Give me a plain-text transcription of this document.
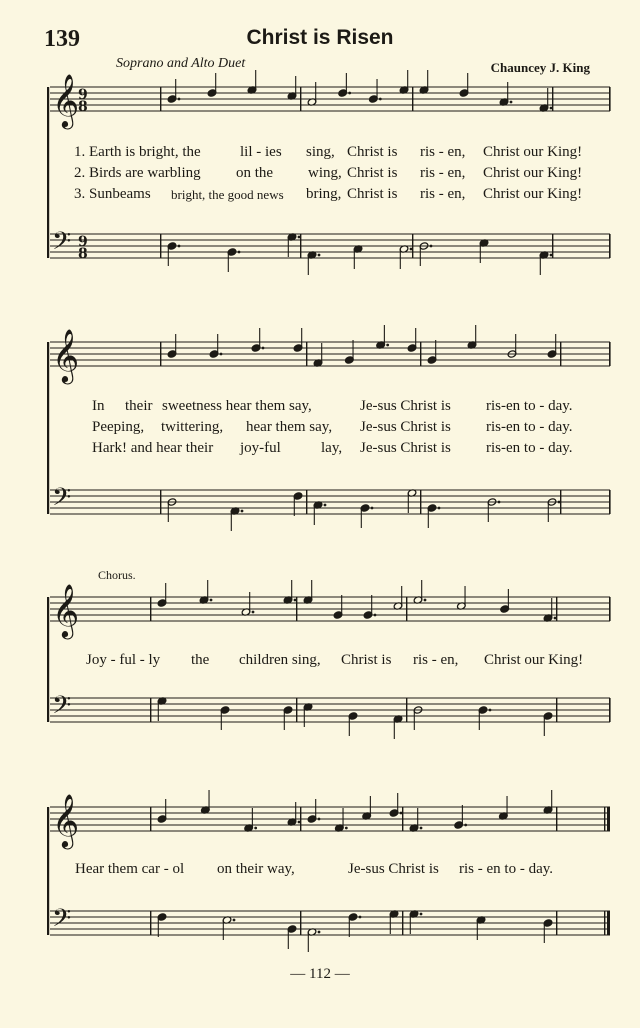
139	Christ is Risen
Soprano and Alto Duet	Chauncey J. King
𝄞
𝄢
9
8
9
8
𝄞
𝄢
𝄞
𝄢
𝄞
𝄢
1. Earth is bright, the	lil - ies sing, Christ is ris - en, Christ our King!
2. Birds are warbling on the wing, Christ is ris - en, Christ our King!
3. Sunbeams bright, the good news bring, Christ is ris - en, Christ our King!
In their sweetness hear them say,	Je-sus Christ is ris-en to - day.
Peeping, twittering, hear them say, Je-sus Christ is ris-en to - day.
Hark! and hear their joy-ful	lay, Je-sus Christ is ris-en to - day.
Chorus.
Joy - ful - ly the children sing, Christ is ris - en, Christ our King!
Hear them car - ol on their way,	Je-sus Christ is ris - en to - day.
— 112 —
